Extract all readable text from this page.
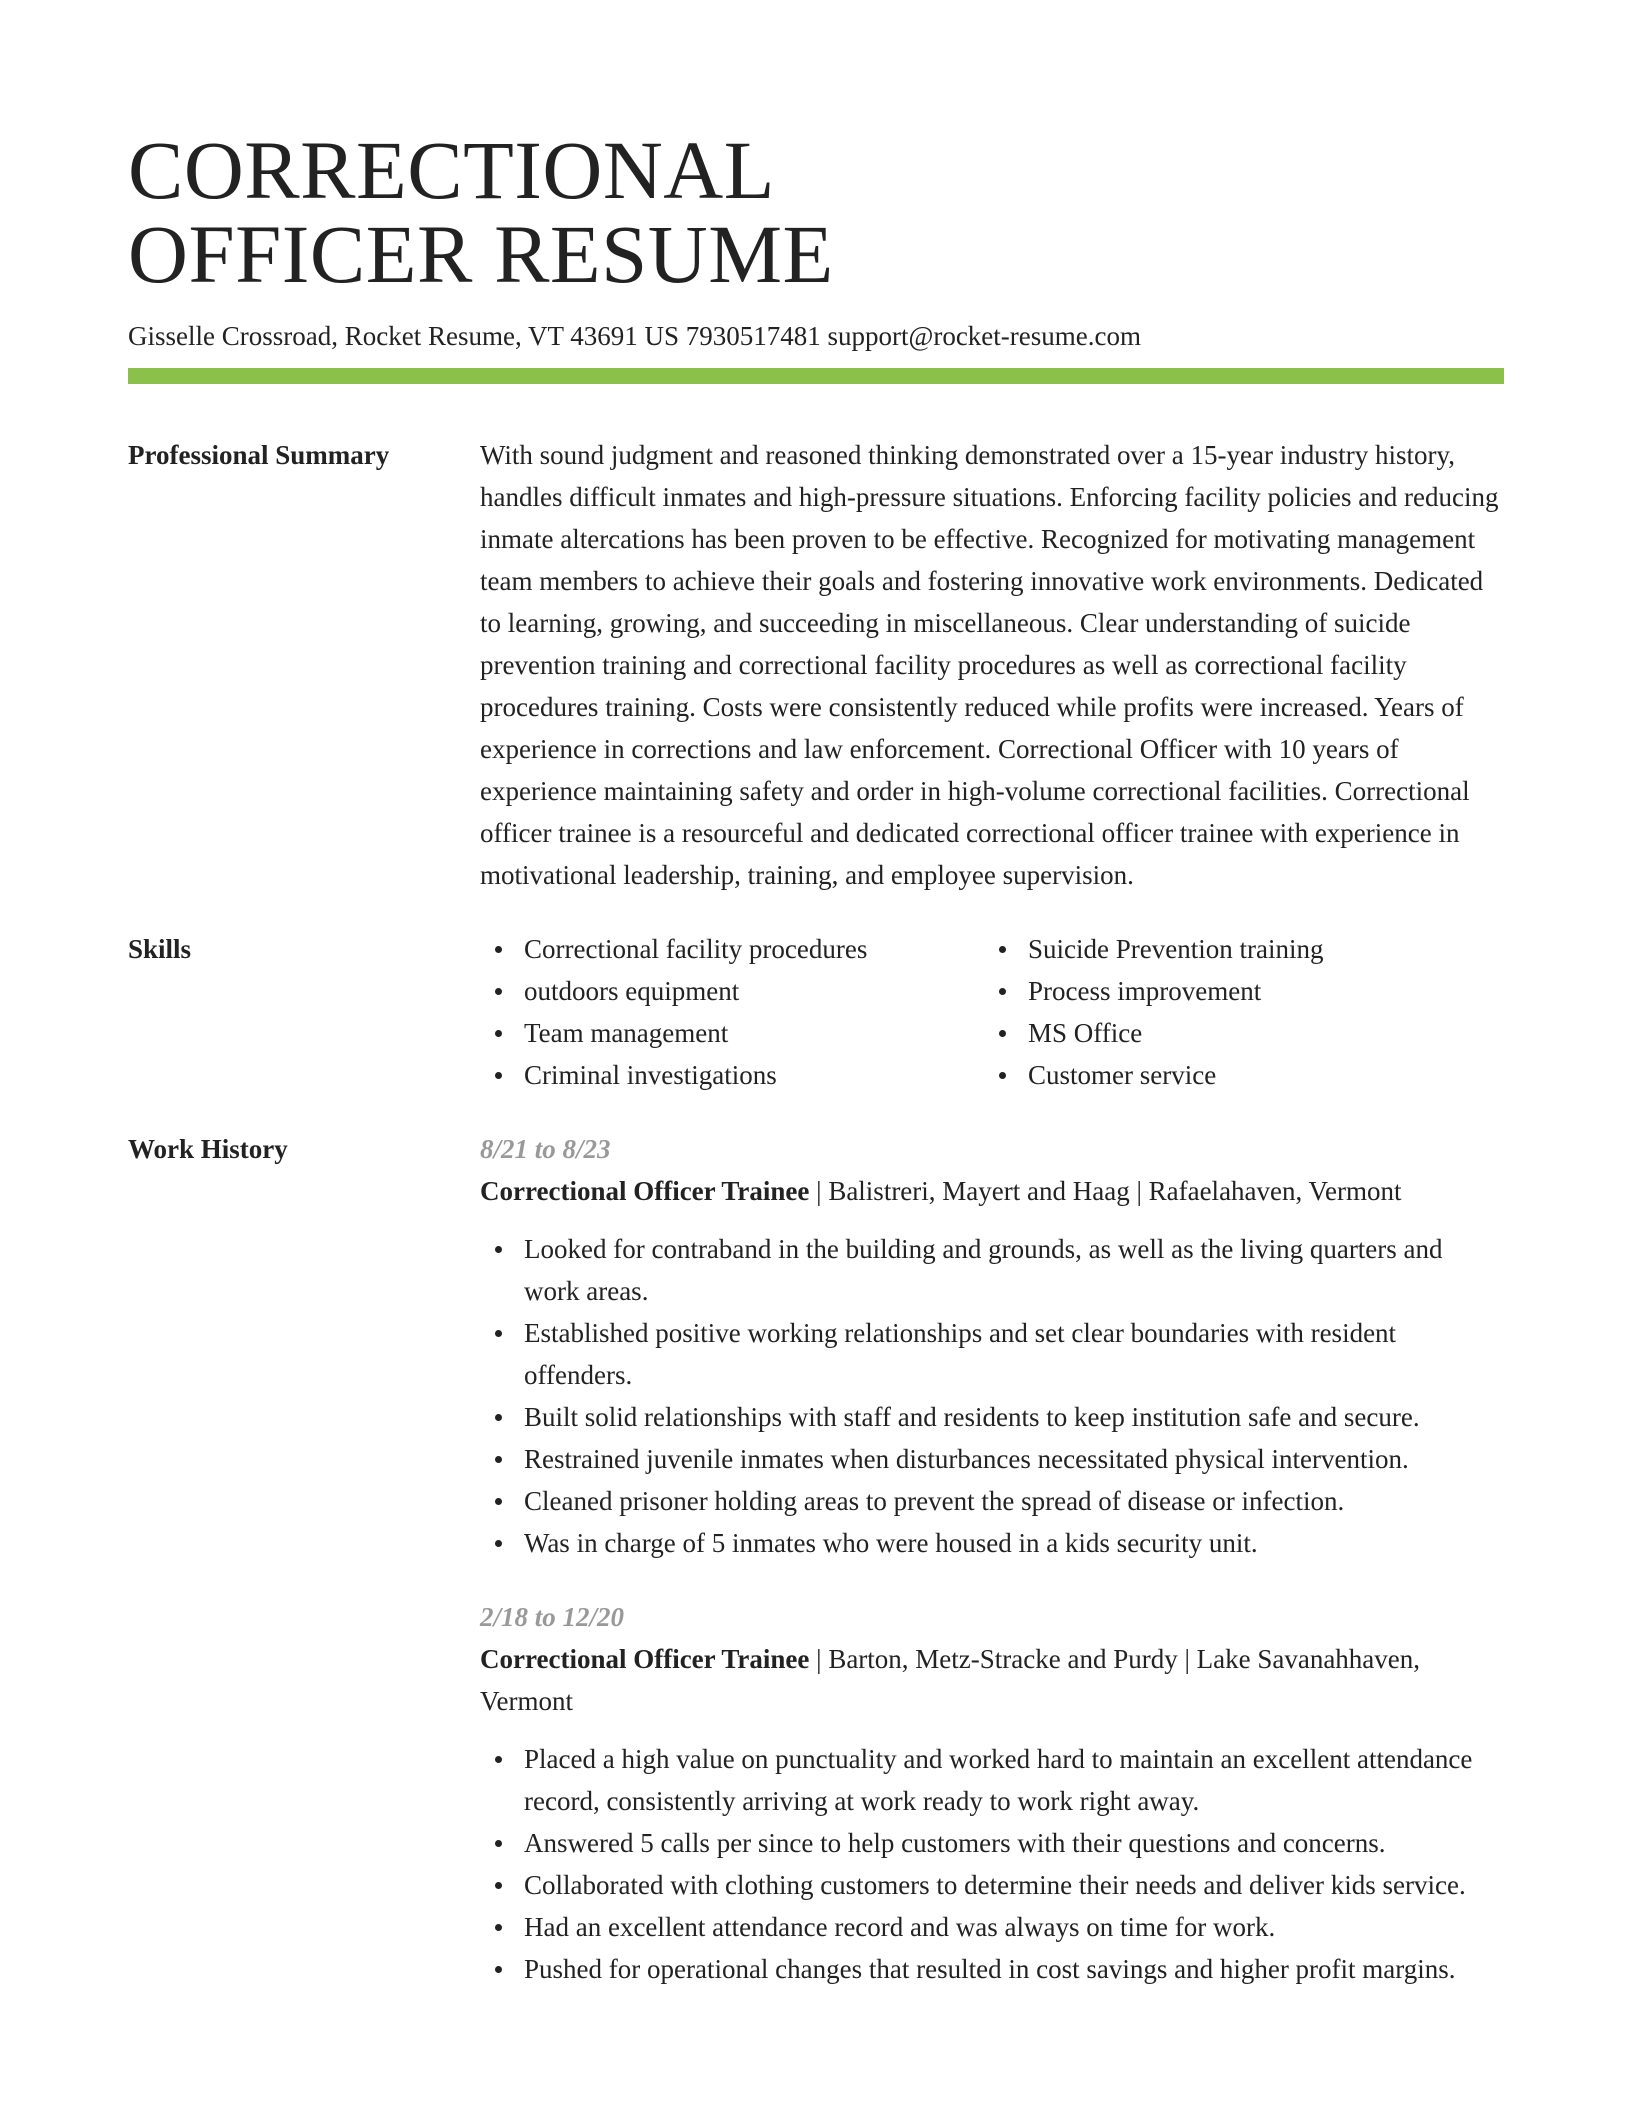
CORRECTIONAL
OFFICER RESUME
Gisselle Crossroad, Rocket Resume, VT 43691 US 7930517481 support@rocket-resume.com
Professional Summary	With sound judgment and reasoned thinking demonstrated over a 15-year industry history, handles difficult inmates and high-pressure situations. Enforcing facility policies and reducing inmate altercations has been proven to be effective. Recognized for motivating management team members to achieve their goals and fostering innovative work environments. Dedicated to learning, growing, and succeeding in miscellaneous. Clear understanding of suicide prevention training and correctional facility procedures as well as correctional facility procedures training. Costs were consistently reduced while profits were increased. Years of experience in corrections and law enforcement. Correctional Officer with 10 years of experience maintaining safety and order in high-volume correctional facilities. Correctional officer trainee is a resourceful and dedicated correctional officer trainee with experience in motivational leadership, training, and employee supervision.

Skills	Correctional facility procedures
outdoors equipment
Team management
Criminal investigations
Suicide Prevention training
Process improvement
MS Office
Customer service
Work History	8/21 to 8/23
Correctional Officer Trainee | Balistreri, Mayert and Haag | Rafaelahaven, Vermont
Looked for contraband in the building and grounds, as well as the living quarters and work areas.
Established positive working relationships and set clear boundaries with resident offenders.
Built solid relationships with staff and residents to keep institution safe and secure.
Restrained juvenile inmates when disturbances necessitated physical intervention.
Cleaned prisoner holding areas to prevent the spread of disease or infection.
Was in charge of 5 inmates who were housed in a kids security unit.
2/18 to 12/20
Correctional Officer Trainee | Barton, Metz-Stracke and Purdy | Lake Savanahhaven, Vermont
Placed a high value on punctuality and worked hard to maintain an excellent attendance record, consistently arriving at work ready to work right away.
Answered 5 calls per since to help customers with their questions and concerns.
Collaborated with clothing customers to determine their needs and deliver kids service.
Had an excellent attendance record and was always on time for work.
Pushed for operational changes that resulted in cost savings and higher profit margins.
